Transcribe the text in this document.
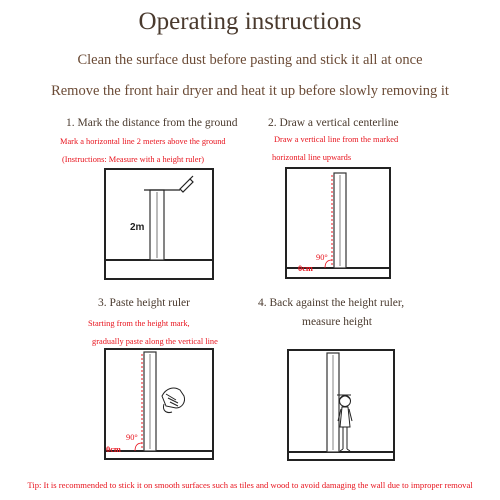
Operating instructions
Clean the surface dust before pasting and stick it all at once
Remove the front hair dryer and heat it up before slowly removing it
1. Mark the distance from the ground
Mark a horizontal line 2 meters above the ground
(Instructions: Measure with a height ruler)
2m
2. Draw a vertical centerline
Draw a vertical line from the marked
horizontal line upwards
90°
0cm
3. Paste height ruler
Starting from the height mark,
gradually paste along the vertical line
90°
0cm
4. Back against the height ruler,
measure height
Tip: It is recommended to stick it on smooth surfaces such as tiles and wood to avoid damaging the wall due to improper removal
